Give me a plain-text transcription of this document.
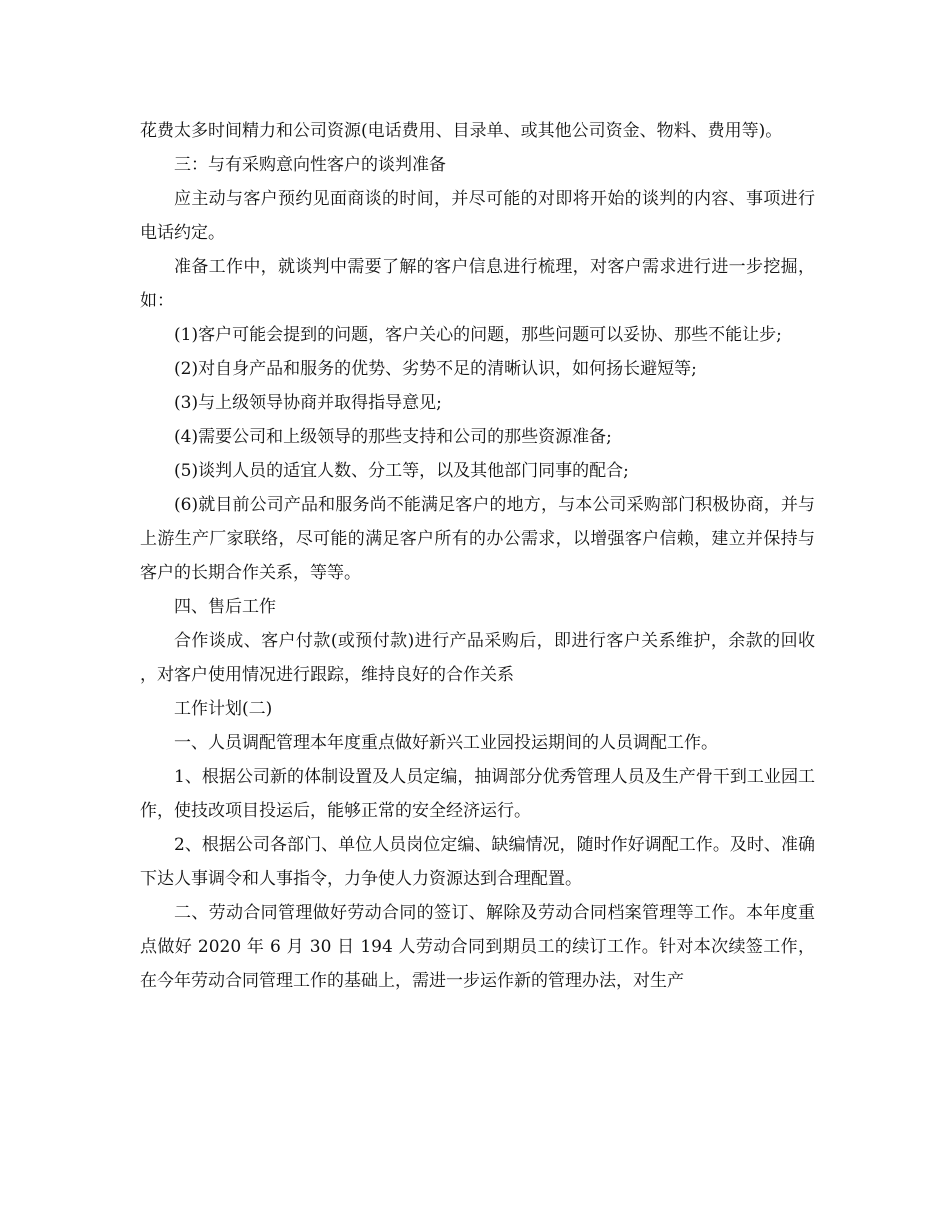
花费太多时间精力和公司资源(电话费用、目录单、或其他公司资金、物料、费用等)。

三：与有采购意向性客户的谈判准备

应主动与客户预约见面商谈的时间，并尽可能的对即将开始的谈判的内容、事项进行电话约定。

准备工作中，就谈判中需要了解的客户信息进行梳理，对客户需求进行进一步挖掘，如：

(1)客户可能会提到的问题，客户关心的问题，那些问题可以妥协、那些不能让步;

(2)对自身产品和服务的优势、劣势不足的清晰认识，如何扬长避短等;

(3)与上级领导协商并取得指导意见;

(4)需要公司和上级领导的那些支持和公司的那些资源准备;

(5)谈判人员的适宜人数、分工等，以及其他部门同事的配合;

(6)就目前公司产品和服务尚不能满足客户的地方，与本公司采购部门积极协商，并与上游生产厂家联络，尽可能的满足客户所有的办公需求，以增强客户信赖，建立并保持与客户的长期合作关系，等等。

四、售后工作

合作谈成、客户付款(或预付款)进行产品采购后，即进行客户关系维护，余款的回收，对客户使用情况进行跟踪，维持良好的合作关系

工作计划(二)

一、人员调配管理本年度重点做好新兴工业园投运期间的人员调配工作。

1、根据公司新的体制设置及人员定编，抽调部分优秀管理人员及生产骨干到工业园工作，使技改项目投运后，能够正常的安全经济运行。

2、根据公司各部门、单位人员岗位定编、缺编情况，随时作好调配工作。及时、准确下达人事调令和人事指令，力争使人力资源达到合理配置。

二、劳动合同管理做好劳动合同的签订、解除及劳动合同档案管理等工作。本年度重点做好 2020 年 6 月 30 日 194 人劳动合同到期员工的续订工作。针对本次续签工作，在今年劳动合同管理工作的基础上，需进一步运作新的管理办法，对生产
